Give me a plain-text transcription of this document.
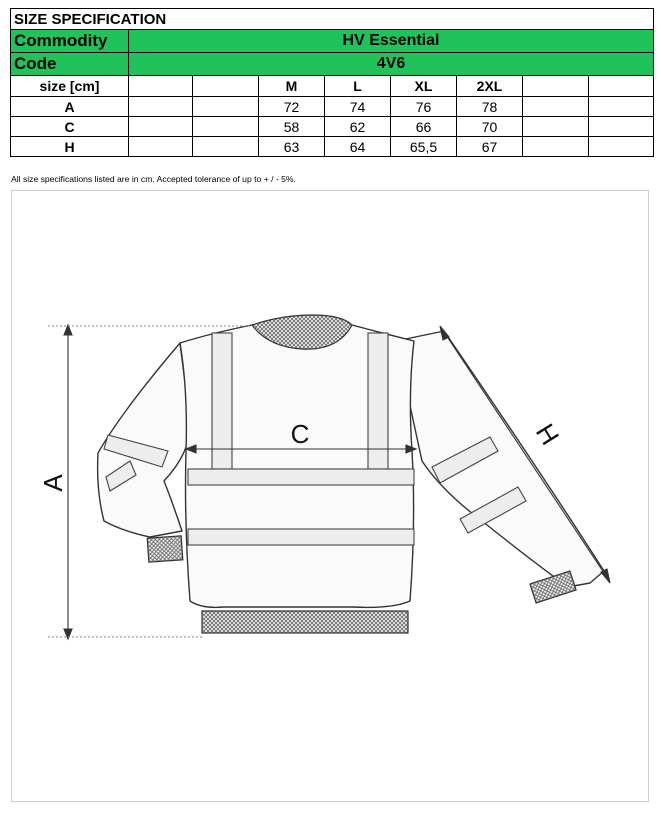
SIZE SPECIFICATION								
Commodity	HV Essential							
Code	4V6							
size [cm]			M	L	XL	2XL		
A			72	74	76	78		
C			58	62	66	70		
H			63	64	65,5	67		
All size specifications listed are in cm. Accepted tolerance of up to + / - 5%.
A
C	H
